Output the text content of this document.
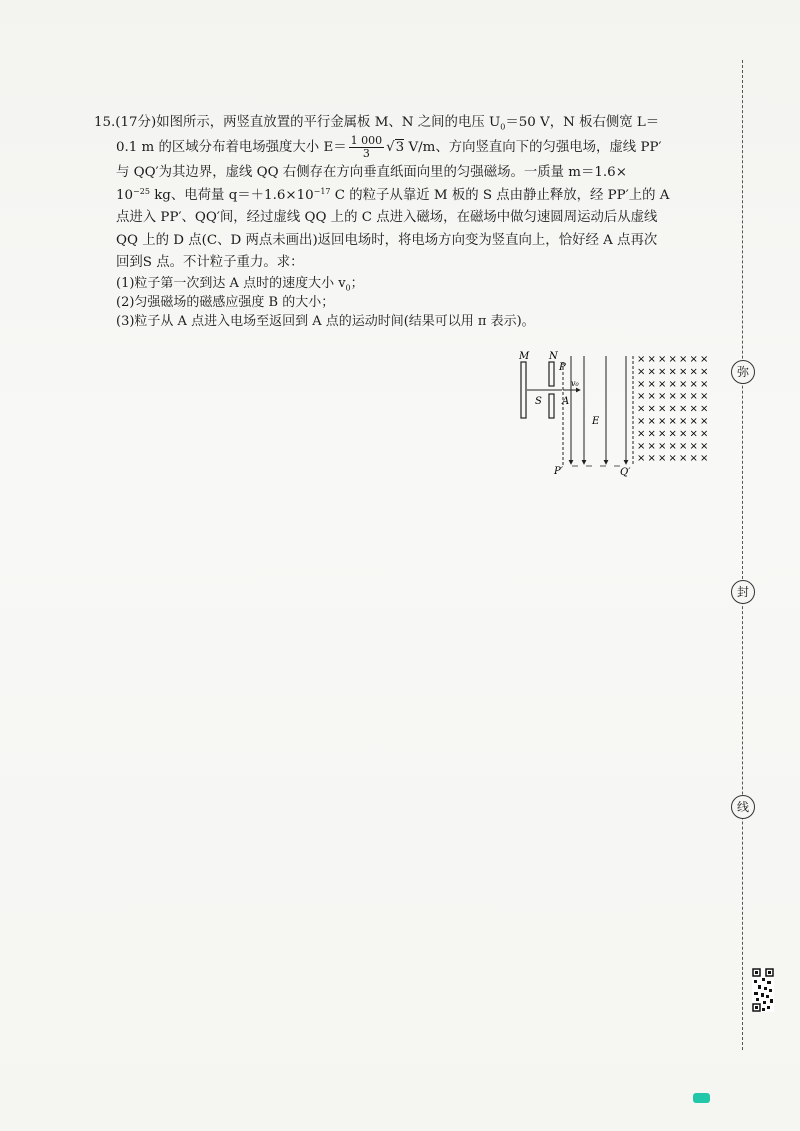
15.(17分)如图所示，两竖直放置的平行金属板 M、N 之间的电压 $U_0=50$ V，N 板右侧宽 L＝

0.1 m 的区域分布着电场强度大小 $E= \frac{1 000}{3} √3$ V/m、方向竖直向下的匀强电场，虚线 PP′

与 QQ′为其边界，虚线 QQ 右侧存在方向垂直纸面向里的匀强磁场。一质量 m＝1.6×

$10^{-25}$ kg、电荷量 $q=+1.6\times 10^{-17}$ C 的粒子从靠近 M 板的 S 点由静止释放，经 PP′上的 A

点进入 PP′、QQ′间，经过虚线 QQ 上的 C 点进入磁场，在磁场中做匀速圆周运动后从虚线

QQ 上的 D 点(C、D 两点未画出)返回电场时，将电场方向变为竖直向上，恰好经 A 点再次

回到S 点。不计粒子重力。求：

(1)粒子第一次到达 A 点时的速度大小 $v_0$；

(2)匀强磁场的磁感应强度 B 的大小；

(3)粒子从 A 点进入电场至返回到 A 点的运动时间(结果可以用 π 表示)。

M N
S A
P
P′
v₀
E
Q′
× × × × × × ×
× × × × × × ×
× × × × × × ×
× × × × × × ×
× × × × × × ×
× × × × × × ×
× × × × × × ×
× × × × × × ×
× × × × × × ×
弥
封
线
